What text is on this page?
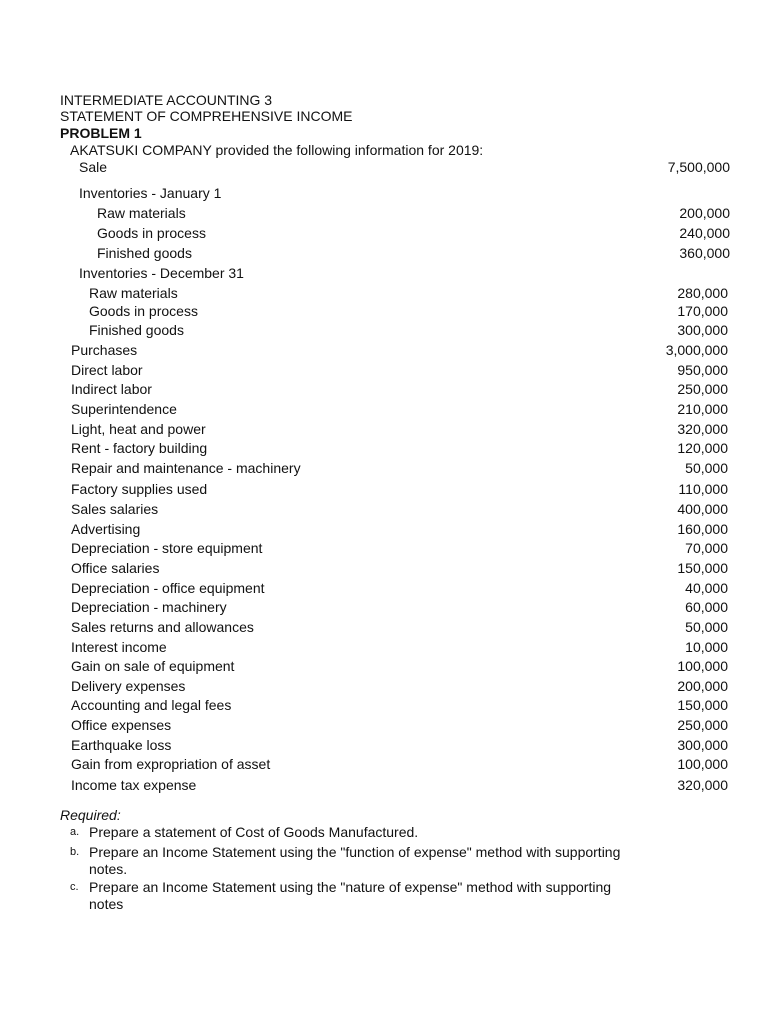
INTERMEDIATE ACCOUNTING 3
STATEMENT OF COMPREHENSIVE INCOME
PROBLEM 1
AKATSUKI COMPANY provided the following information for 2019:
Sale	7,500,000
Inventories - January 1
Raw materials	200,000
Goods in process	240,000
Finished goods	360,000
Inventories - December 31
Raw materials	280,000
Goods in process	170,000
Finished goods	300,000
Purchases	3,000,000
Direct labor	950,000
Indirect labor	250,000
Superintendence	210,000
Light, heat and power	320,000
Rent - factory building	120,000
Repair and maintenance - machinery	50,000
Factory supplies used	110,000
Sales salaries	400,000
Advertising	160,000
Depreciation - store equipment	70,000
Office salaries	150,000
Depreciation - office equipment	40,000
Depreciation - machinery	60,000
Sales returns and allowances	50,000
Interest income	10,000
Gain on sale of equipment	100,000
Delivery expenses	200,000
Accounting and legal fees	150,000
Office expenses	250,000
Earthquake loss	300,000
Gain from expropriation of asset	100,000
Income tax expense	320,000
Required:
a. Prepare a statement of Cost of Goods Manufactured.
b. Prepare an Income Statement using the "function of expense" method with supporting
notes.
c. Prepare an Income Statement using the "nature of expense" method with supporting
notes
